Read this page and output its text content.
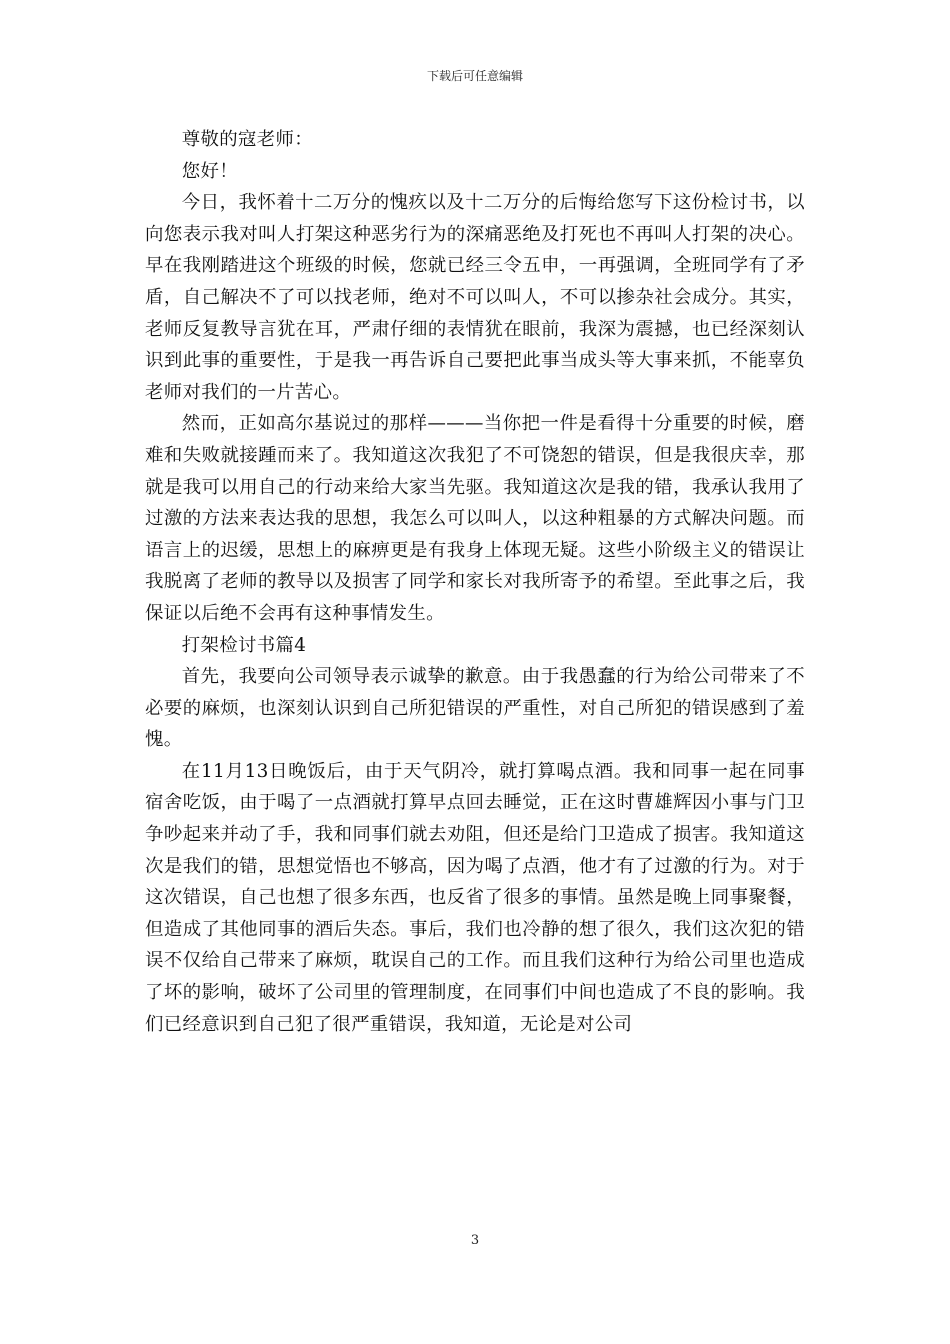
下载后可任意编辑

尊敬的寇老师：

您好！

今日，我怀着十二万分的愧疚以及十二万分的后悔给您写下这份检讨书，以向您表示我对叫人打架这种恶劣行为的深痛恶绝及打死也不再叫人打架的决心。早在我刚踏进这个班级的时候，您就已经三令五申，一再强调，全班同学有了矛盾，自己解决不了可以找老师，绝对不可以叫人，不可以掺杂社会成分。其实，老师反复教导言犹在耳，严肃仔细的表情犹在眼前，我深为震撼，也已经深刻认识到此事的重要性，于是我一再告诉自己要把此事当成头等大事来抓，不能辜负老师对我们的一片苦心。

然而，正如高尔基说过的那样———当你把一件是看得十分重要的时候，磨难和失败就接踵而来了。我知道这次我犯了不可饶恕的错误，但是我很庆幸，那就是我可以用自己的行动来给大家当先驱。我知道这次是我的错，我承认我用了过激的方法来表达我的思想，我怎么可以叫人，以这种粗暴的方式解决问题。而语言上的迟缓，思想上的麻痹更是有我身上体现无疑。这些小阶级主义的错误让我脱离了老师的教导以及损害了同学和家长对我所寄予的希望。至此事之后，我保证以后绝不会再有这种事情发生。

打架检讨书篇4

首先，我要向公司领导表示诚挚的歉意。由于我愚蠢的行为给公司带来了不必要的麻烦，也深刻认识到自己所犯错误的严重性，对自己所犯的错误感到了羞愧。

在11月13日晚饭后，由于天气阴冷，就打算喝点酒。我和同事一起在同事宿舍吃饭，由于喝了一点酒就打算早点回去睡觉，正在这时曹雄辉因小事与门卫争吵起来并动了手，我和同事们就去劝阻，但还是给门卫造成了损害。我知道这次是我们的错，思想觉悟也不够高，因为喝了点酒，他才有了过激的行为。对于这次错误，自己也想了很多东西，也反省了很多的事情。虽然是晚上同事聚餐，但造成了其他同事的酒后失态。事后，我们也冷静的想了很久，我们这次犯的错误不仅给自己带来了麻烦，耽误自己的工作。而且我们这种行为给公司里也造成了坏的影响，破坏了公司里的管理制度，在同事们中间也造成了不良的影响。我们已经意识到自己犯了很严重错误，我知道，无论是对公司

3
